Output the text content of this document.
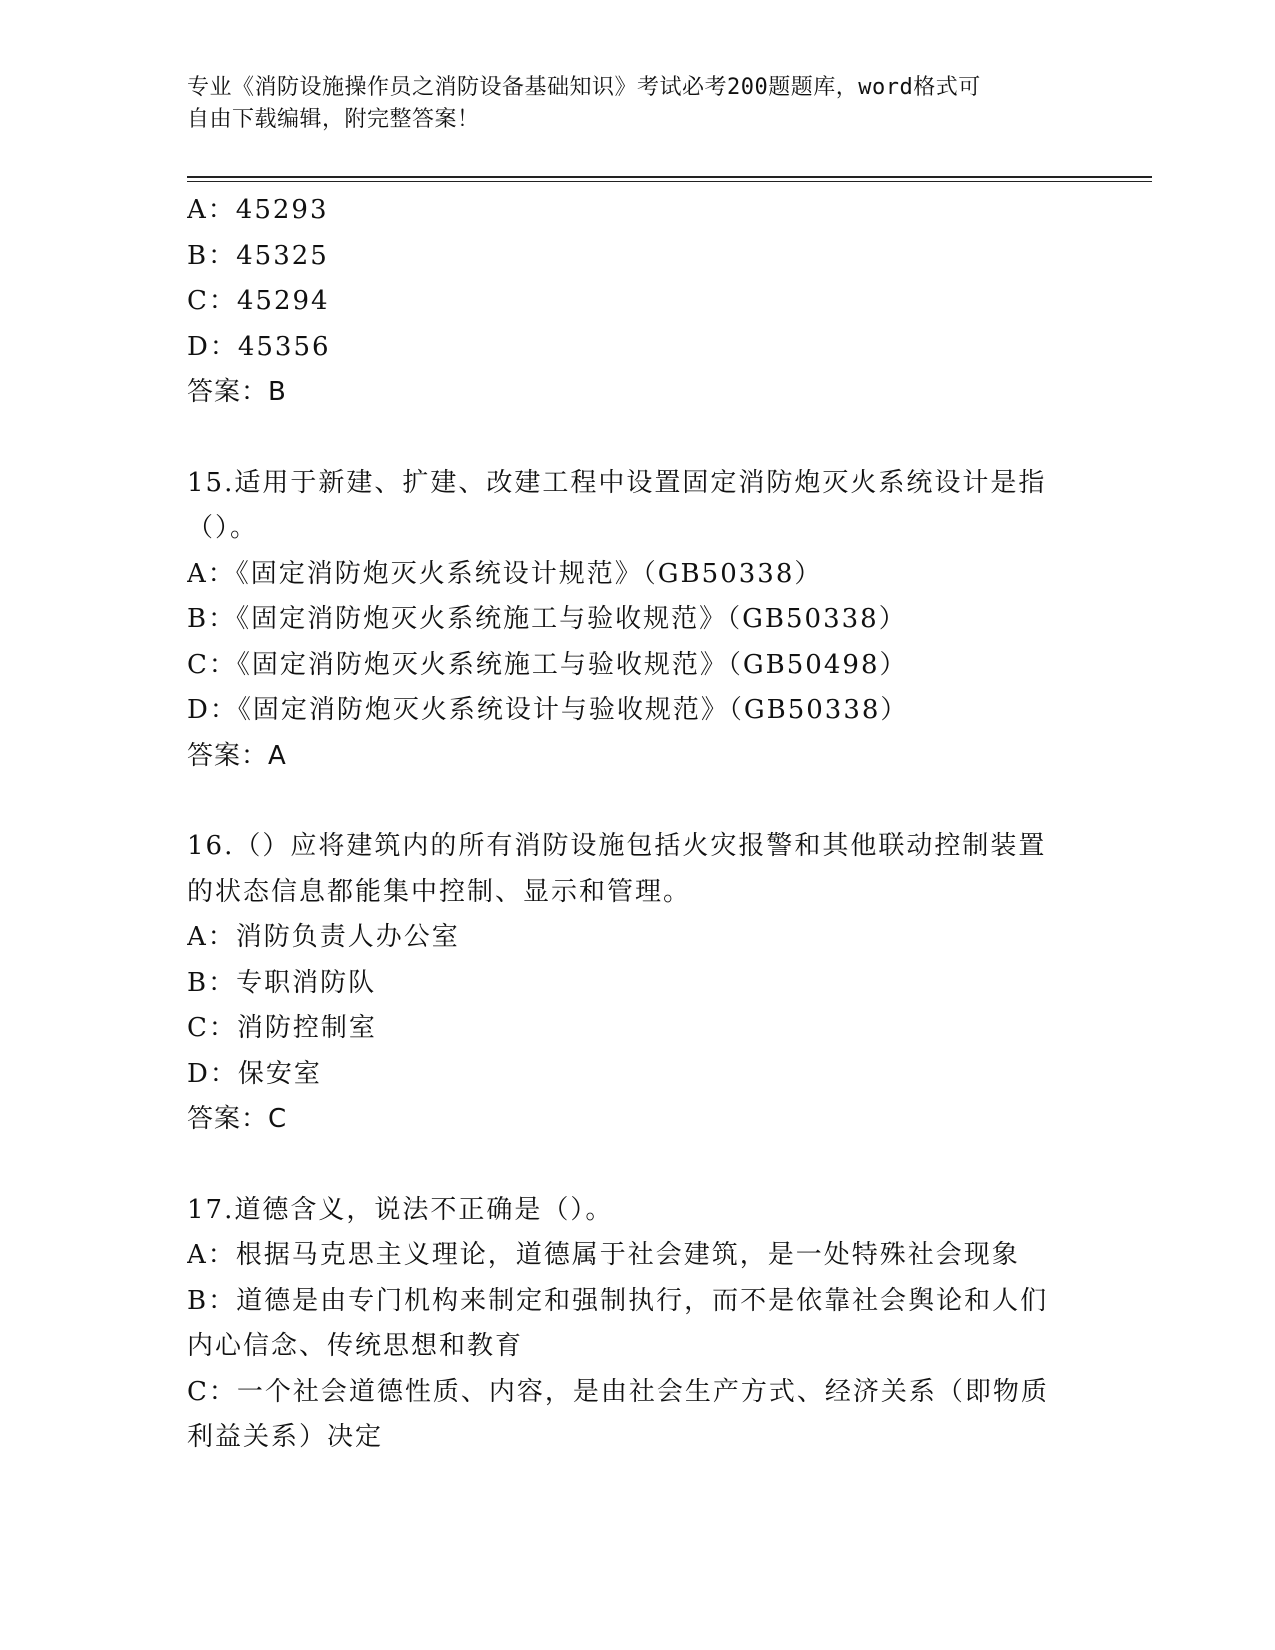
专业《消防设施操作员之消防设备基础知识》考试必考200题题库，word格式可
自由下载编辑，附完整答案！
A：45293
B：45325
C：45294
D：45356
答案：B
15.适用于新建、扩建、改建工程中设置固定消防炮灭火系统设计是指
（）。
A：《固定消防炮灭火系统设计规范》（GB50338）
B：《固定消防炮灭火系统施工与验收规范》（GB50338）
C：《固定消防炮灭火系统施工与验收规范》（GB50498）
D：《固定消防炮灭火系统设计与验收规范》（GB50338）
答案：A
16.（）应将建筑内的所有消防设施包括火灾报警和其他联动控制装置
的状态信息都能集中控制、显示和管理。
A：消防负责人办公室
B：专职消防队
C：消防控制室
D：保安室
答案：C
17.道德含义，说法不正确是（）。
A：根据马克思主义理论，道德属于社会建筑，是一处特殊社会现象
B：道德是由专门机构来制定和强制执行，而不是依靠社会舆论和人们
内心信念、传统思想和教育
C：一个社会道德性质、内容，是由社会生产方式、经济关系（即物质
利益关系）决定
